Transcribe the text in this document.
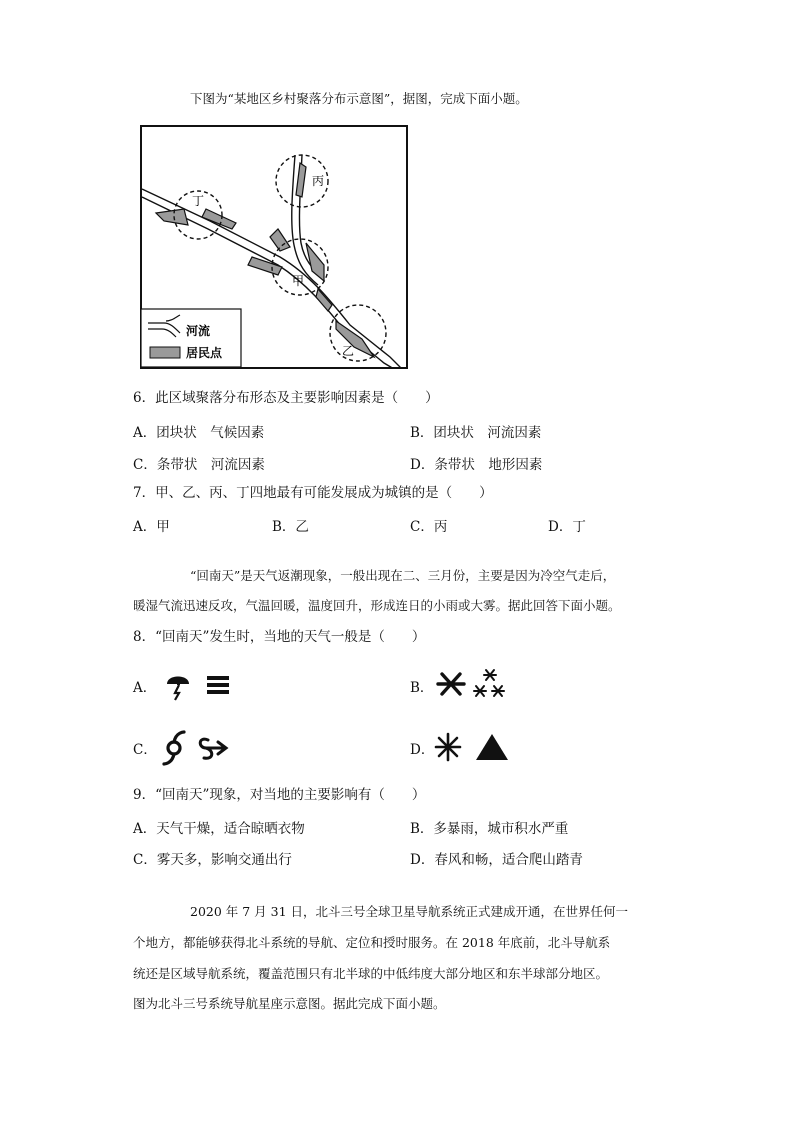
下图为“某地区乡村聚落分布示意图”，据图，完成下面小题。
丁
丙
甲
乙
河流
居民点
6．此区域聚落分布形态及主要影响因素是（　　）
A．团块状　气候因素	B．团块状　河流因素
C．条带状　河流因素	D．条带状　地形因素
7．甲、乙、丙、丁四地最有可能发展成为城镇的是（　　）
A．甲	B．乙	C．丙	D．丁
“回南天”是天气返潮现象，一般出现在二、三月份，主要是因为冷空气走后，
暖湿气流迅速反攻，气温回暖，温度回升，形成连日的小雨或大雾。据此回答下面小题。
8．“回南天”发生时，当地的天气一般是（　　）
A．	B．
C．	D．
9．“回南天”现象，对当地的主要影响有（　　）
A．天气干燥，适合晾晒衣物	B．多暴雨，城市积水严重
C．雾天多，影响交通出行	D．春风和畅，适合爬山踏青
2020 年 7 月 31 日，北斗三号全球卫星导航系统正式建成开通，在世界任何一
个地方，都能够获得北斗系统的导航、定位和授时服务。在 2018 年底前，北斗导航系
统还是区域导航系统，覆盖范围只有北半球的中低纬度大部分地区和东半球部分地区。
图为北斗三号系统导航星座示意图。据此完成下面小题。
